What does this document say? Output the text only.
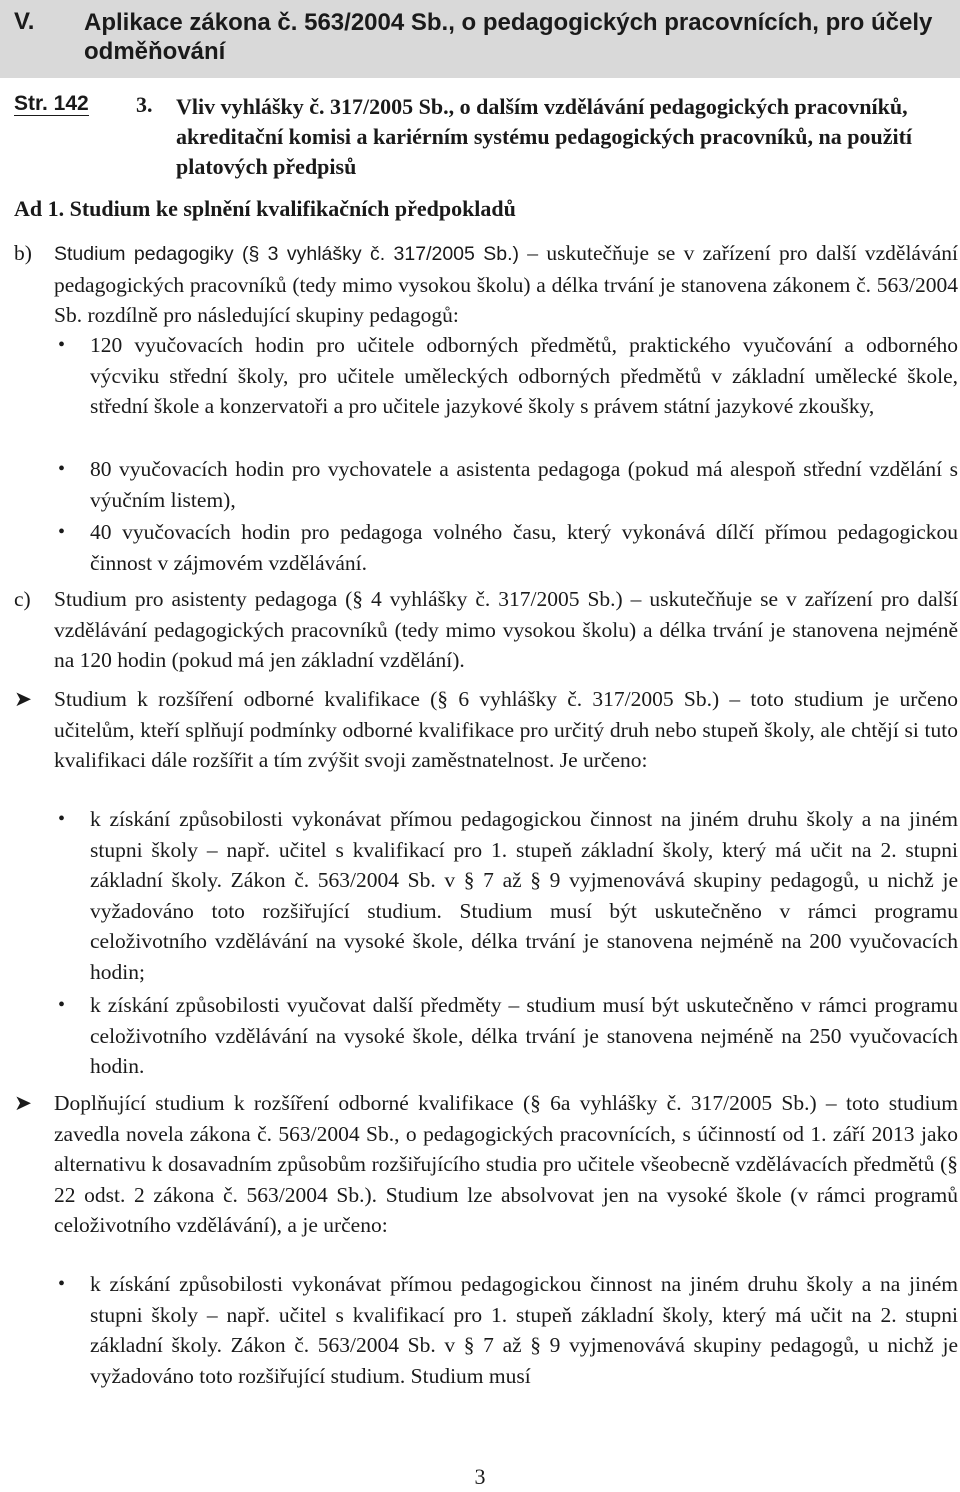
V. Aplikace zákona č. 563/2004 Sb., o pedagogických pracovnících, pro účely odměňování
Str. 142 3. Vliv vyhlášky č. 317/2005 Sb., o dalším vzdělávání pedagogických pracovníků, akreditační komisi a kariérním systému pedagogických pracovníků, na použití platových předpisů
Ad 1. Studium ke splnění kvalifikačních předpokladů
b) Studium pedagogiky (§ 3 vyhlášky č. 317/2005 Sb.) – uskutečňuje se v zařízení pro další vzdělávání pedagogických pracovníků (tedy mimo vysokou školu) a délka trvání je stanovena zákonem č. 563/2004 Sb. rozdílně pro následující skupiny pedagogů:
• 120 vyučovacích hodin pro učitele odborných předmětů, praktického vyučování a odborného výcviku střední školy, pro učitele uměleckých odborných předmětů v základní umělecké škole, střední škole a konzervatoři a pro učitele jazykové školy s právem státní jazykové zkoušky,
• 80 vyučovacích hodin pro vychovatele a asistenta pedagoga (pokud má alespoň střední vzdělání s výučním listem),
• 40 vyučovacích hodin pro pedagoga volného času, který vykonává dílčí přímou pedagogickou činnost v zájmovém vzdělávání.
c) Studium pro asistenty pedagoga (§ 4 vyhlášky č. 317/2005 Sb.) – uskutečňuje se v zařízení pro další vzdělávání pedagogických pracovníků (tedy mimo vysokou školu) a délka trvání je stanovena nejméně na 120 hodin (pokud má jen základní vzdělání).
➤ Studium k rozšíření odborné kvalifikace (§ 6 vyhlášky č. 317/2005 Sb.) – toto studium je určeno učitelům, kteří splňují podmínky odborné kvalifikace pro určitý druh nebo stupeň školy, ale chtějí si tuto kvalifikaci dále rozšířit a tím zvýšit svoji zaměstnatelnost. Je určeno:
• k získání způsobilosti vykonávat přímou pedagogickou činnost na jiném druhu školy a na jiném stupni školy – např. učitel s kvalifikací pro 1. stupeň základní školy, který má učit na 2. stupni základní školy. Zákon č. 563/2004 Sb. v § 7 až § 9 vyjmenovává skupiny pedagogů, u nichž je vyžadováno toto rozšiřující studium. Studium musí být uskutečněno v rámci programu celoživotního vzdělávání na vysoké škole, délka trvání je stanovena nejméně na 200 vyučovacích hodin;
• k získání způsobilosti vyučovat další předměty – studium musí být uskutečněno v rámci programu celoživotního vzdělávání na vysoké škole, délka trvání je stanovena nejméně na 250 vyučovacích hodin.
➤ Doplňující studium k rozšíření odborné kvalifikace (§ 6a vyhlášky č. 317/2005 Sb.) – toto studium zavedla novela zákona č. 563/2004 Sb., o pedagogických pracovnících, s účinností od 1. září 2013 jako alternativu k dosavadním způsobům rozšiřujícího studia pro učitele všeobecně vzdělávacích předmětů (§ 22 odst. 2 zákona č. 563/2004 Sb.). Studium lze absolvovat jen na vysoké škole (v rámci programů celoživotního vzdělávání), a je určeno:
• k získání způsobilosti vykonávat přímou pedagogickou činnost na jiném druhu školy a na jiném stupni školy – např. učitel s kvalifikací pro 1. stupeň základní školy, který má učit na 2. stupni základní školy. Zákon č. 563/2004 Sb. v § 7 až § 9 vyjmenovává skupiny pedagogů, u nichž je vyžadováno toto rozšiřující studium. Studium musí
3
